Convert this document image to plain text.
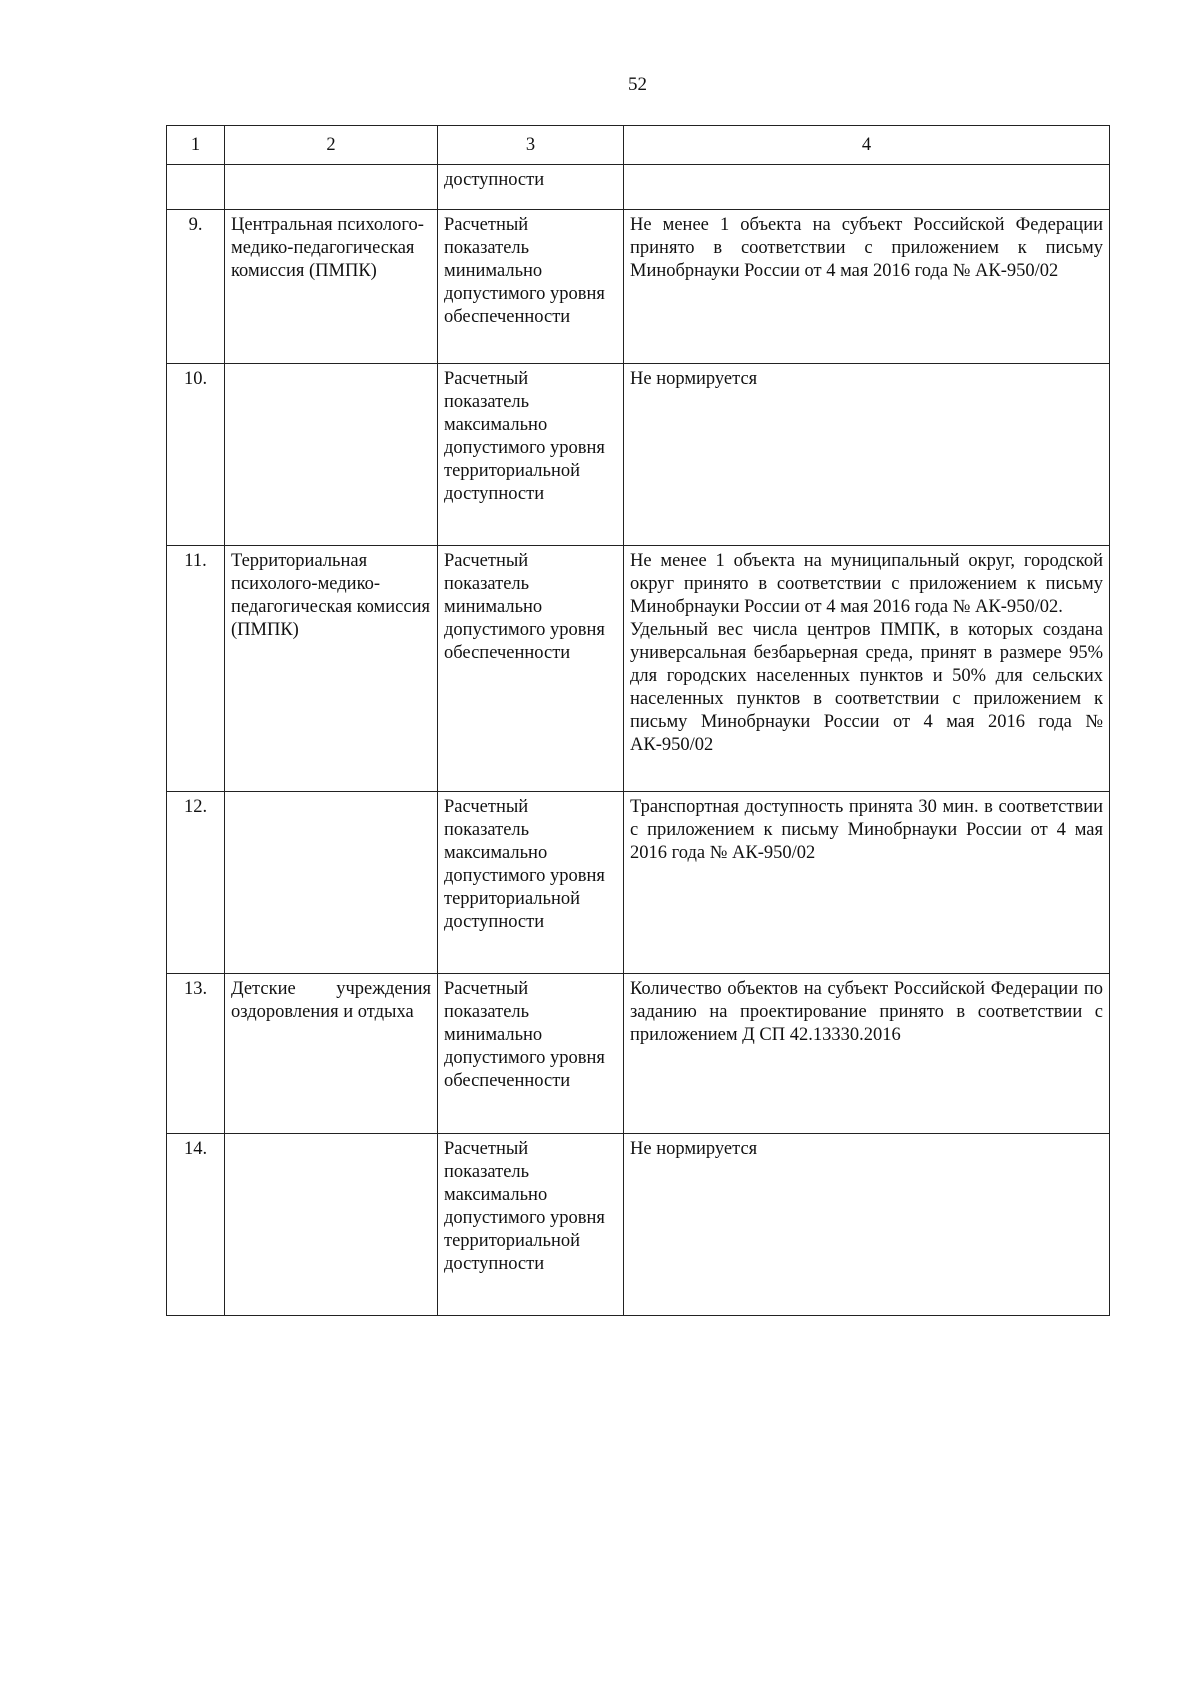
52
1	2	3	4
		доступности	
9.	Центральная психолого-медико-педагогическая комиссия (ПМПК)	Расчетный показатель минимально допустимого уровня обеспеченности	Не менее 1 объекта на субъект Российской Федерации принято в соответствии с приложением к письму Минобрнауки России от 4 мая 2016 года № АК-950/02

10.		Расчетный показатель максимально допустимого уровня территориальной доступности	Не нормируется

11.	Территориальная психолого-медико-педагогическая комиссия (ПМПК)	Расчетный показатель минимально допустимого уровня обеспеченности	Не менее 1 объекта на муниципальный округ, городской округ принято в соответствии с приложением к письму Минобрнауки России от 4 мая 2016 года № АК-950/02.
Удельный вес числа центров ПМПК, в которых создана универсальная безбарьерная среда, принят в размере 95% для городских населенных пунктов и 50% для сельских населенных пунктов в соответствии с приложением к письму Минобрнауки России от 4 мая 2016 года № АК-950/02

12.		Расчетный показатель максимально допустимого уровня территориальной доступности	Транспортная доступность принята 30 мин. в соответствии с приложением к письму Минобрнауки России от 4 мая 2016 года № АК-950/02

13.	Детские учреждения оздоровления и отдыха	Расчетный показатель минимально допустимого уровня обеспеченности	Количество объектов на субъект Российской Федерации по заданию на проектирование принято в соответствии с приложением Д СП 42.13330.2016

14.		Расчетный показатель максимально допустимого уровня территориальной доступности	Не нормируется
